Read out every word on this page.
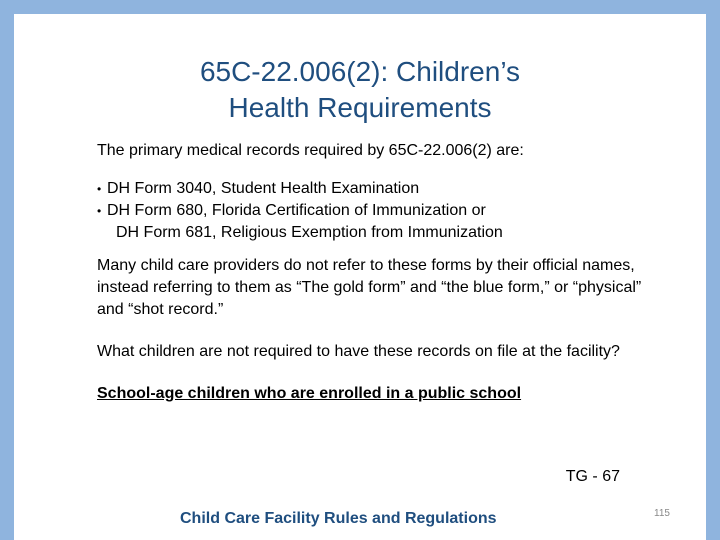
65C-22.006(2): Children’s
Health Requirements

The primary medical records required by 65C-22.006(2) are:

• DH Form 3040, Student Health Examination
• DH Form 680, Florida Certification of Immunization or
DH Form 681, Religious Exemption from Immunization

Many child care providers do not refer to these forms by their official names, instead referring to them as “The gold form” and “the blue form,” or “physical” and “shot record.”

What children are not required to have these records on file at the facility?

School-age children who are enrolled in a public school

TG - 67
Child Care Facility Rules and Regulations	115
